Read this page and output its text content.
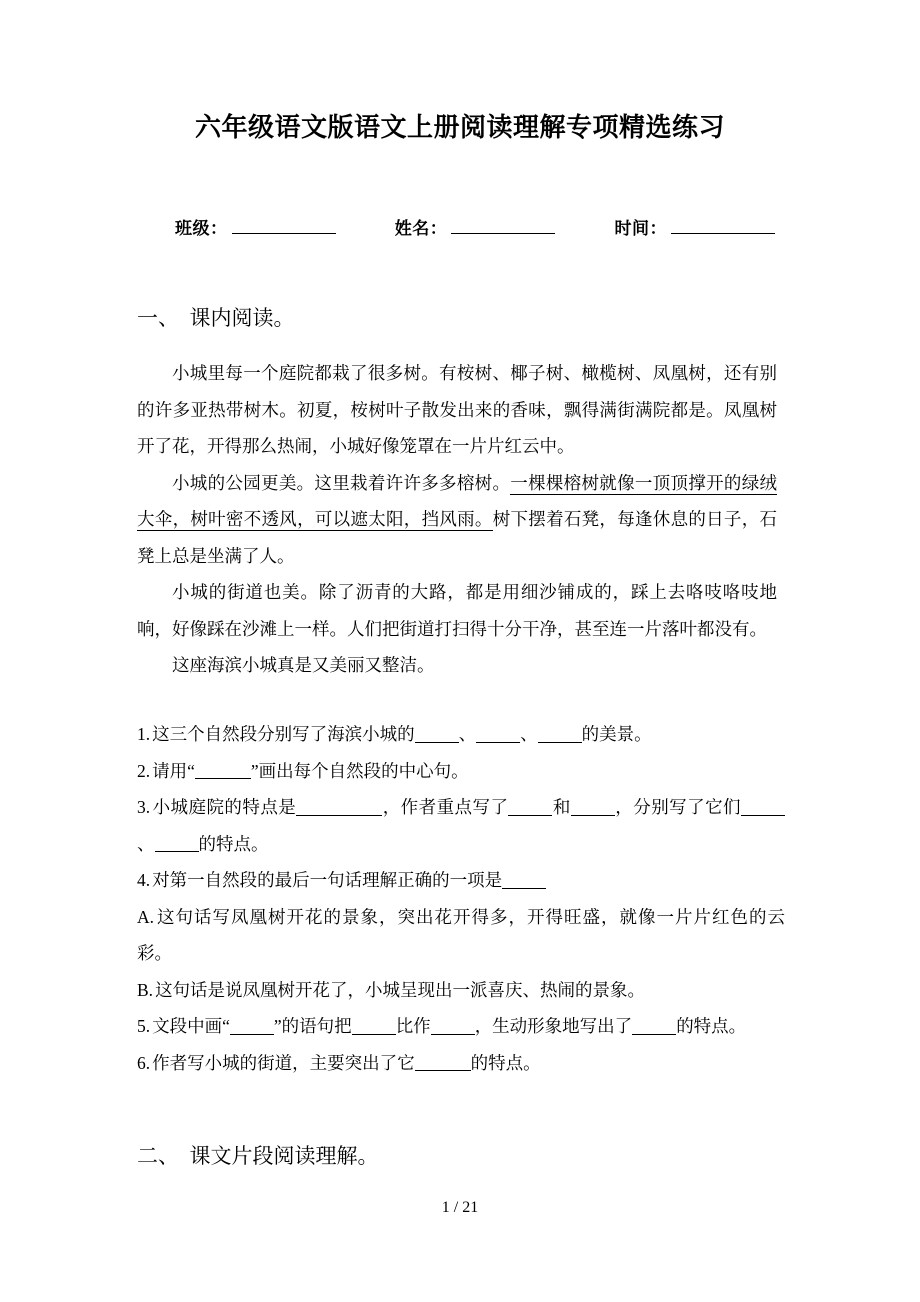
六年级语文版语文上册阅读理解专项精选练习
班级：	姓名：	时间：
一、　 课内阅读。

小城里每一个庭院都栽了很多树。有桉树、椰子树、橄榄树、凤凰树，还有别的许多亚热带树木。初夏，桉树叶子散发出来的香味，飘得满街满院都是。凤凰树开了花，开得那么热闹，小城好像笼罩在一片片红云中。

小城的公园更美。这里栽着许许多多榕树。一棵棵榕树就像一顶顶撑开的绿绒大伞，树叶密不透风，可以遮太阳，挡风雨。树下摆着石凳，每逢休息的日子，石凳上总是坐满了人。

小城的街道也美。除了沥青的大路，都是用细沙铺成的，踩上去咯吱咯吱地响，好像踩在沙滩上一样。人们把街道打扫得十分干净，甚至连一片落叶都没有。

这座海滨小城真是又美丽又整洁。

1. 这三个自然段分别写了海滨小城的	、	、	的美景。

2. 请用“	”画出每个自然段的中心句。

3. 小城庭院的特点是	，作者重点写了	和	，分别写了它们、	的特点。

4. 对第一自然段的最后一句话理解正确的一项是

A. 这句话写凤凰树开花的景象，突出花开得多，开得旺盛，就像一片片红色的云彩。

B. 这句话是说凤凰树开花了，小城呈现出一派喜庆、热闹的景象。

5. 文段中画“	”的语句把	比作	，生动形象地写出了	的特点。

6. 作者写小城的街道，主要突出了它	的特点。

二、　 课文片段阅读理解。
1 / 21
